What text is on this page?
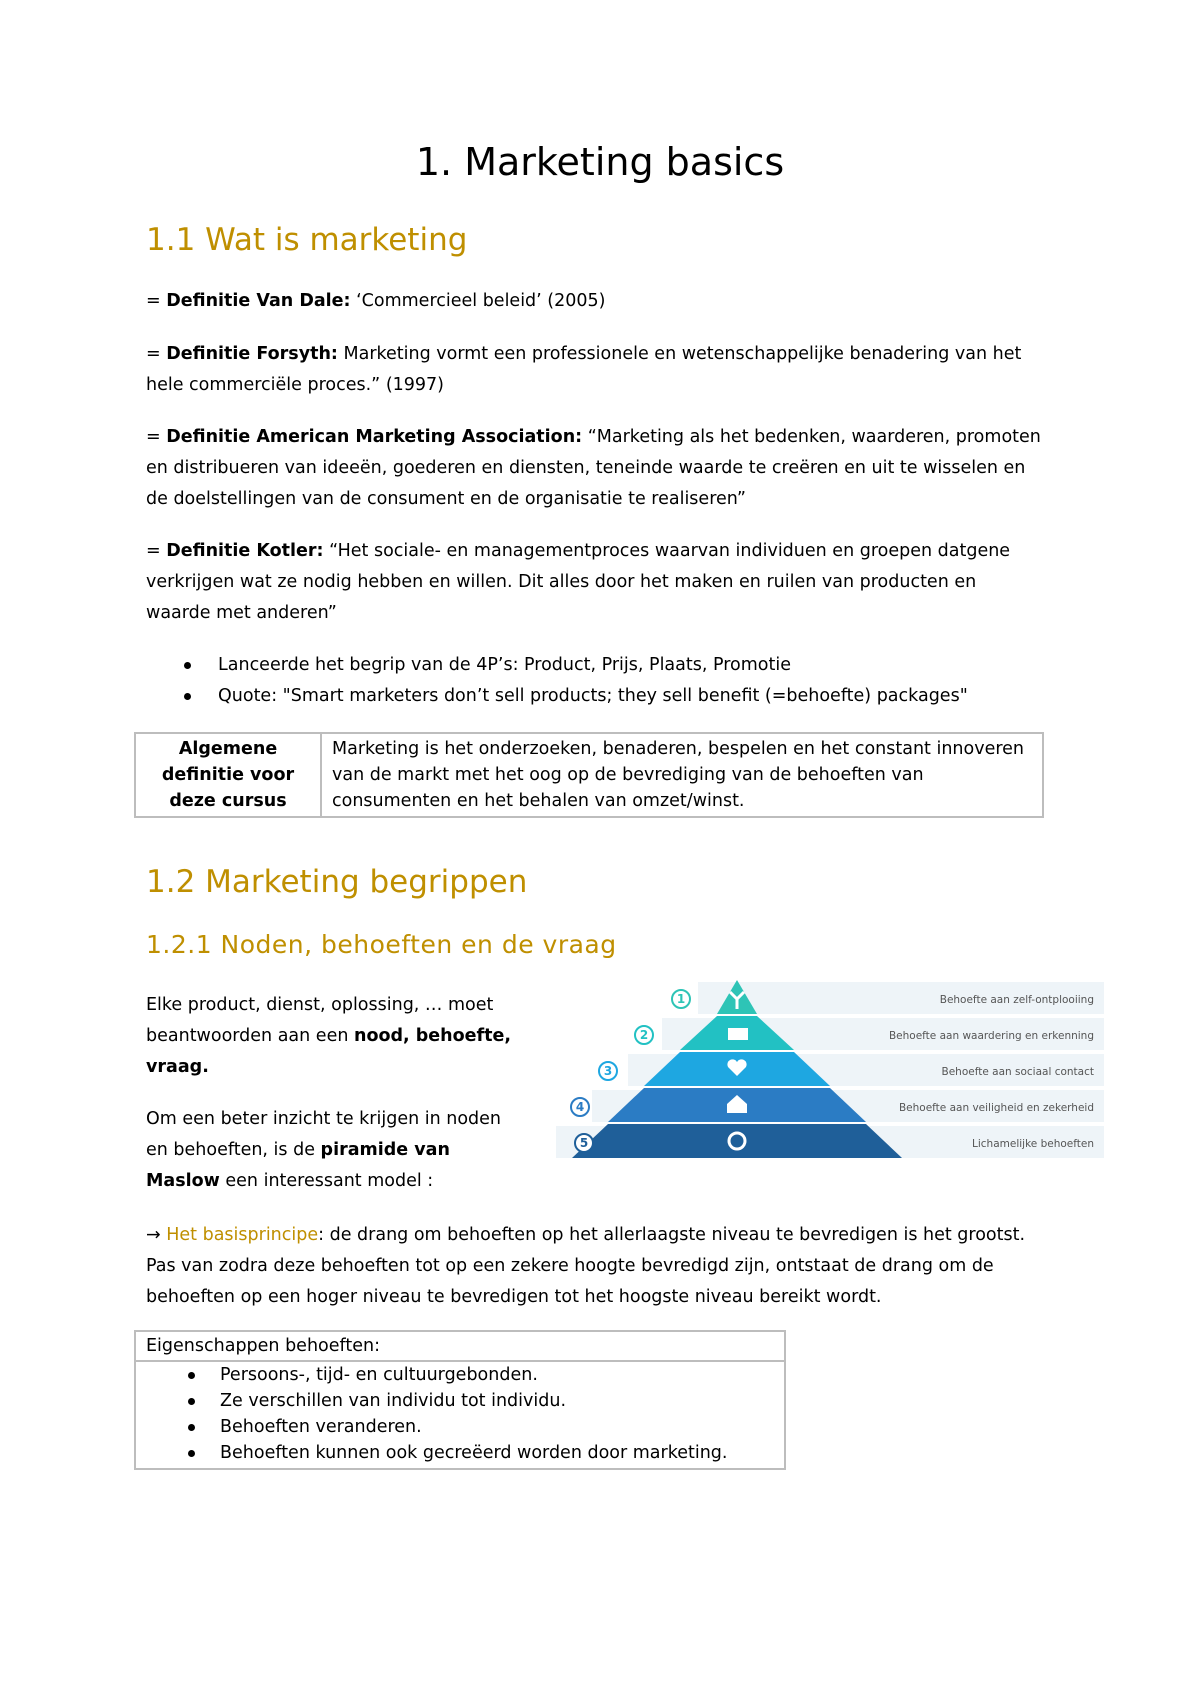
1. Marketing basics
1.1 Wat is marketing

= Definitie Van Dale: ‘Commercieel beleid’ (2005)

= Definitie Forsyth: Marketing vormt een professionele en wetenschappelijke benadering van het hele commerciële proces.” (1997)

= Definitie American Marketing Association: “Marketing als het bedenken, waarderen, promoten en distribueren van ideeën, goederen en diensten, teneinde waarde te creëren en uit te wisselen en de doelstellingen van de consument en de organisatie te realiseren”

= Definitie Kotler: “Het sociale- en managementproces waarvan individuen en groepen datgene verkrijgen wat ze nodig hebben en willen. Dit alles door het maken en ruilen van producten en waarde met anderen”

Lanceerde het begrip van de 4P’s: Product, Prijs, Plaats, Promotie
Quote: "Smart marketers don’t sell products; they sell benefit (=behoefte) packages"
Algemene definitie voor deze cursus	Marketing is het onderzoeken, benaderen, bespelen en het constant innoveren van de markt met het oog op de bevrediging van de behoeften van consumenten en het behalen van omzet/winst.
1.2 Marketing begrippen
1.2.1 Noden, behoeften en de vraag

Elke product, dienst, oplossing, … moet beantwoorden aan een nood, behoefte, vraag.

Om een beter inzicht te krijgen in noden en behoeften, is de piramide van Maslow een interessant model :

1
2
3
4
5
Behoefte aan zelf-ontplooiing
Behoefte aan waardering en erkenning
Behoefte aan sociaal contact
Behoefte aan veiligheid en zekerheid
Lichamelijke behoeften

→ Het basisprincipe: de drang om behoeften op het allerlaagste niveau te bevredigen is het grootst. Pas van zodra deze behoeften tot op een zekere hoogte bevredigd zijn, ontstaat de drang om de behoeften op een hoger niveau te bevredigen tot het hoogste niveau bereikt wordt.

Eigenschappen behoeften:
Persoons-, tijd- en cultuurgebonden.
Ze verschillen van individu tot individu.
Behoeften veranderen.
Behoeften kunnen ook gecreëerd worden door marketing.
